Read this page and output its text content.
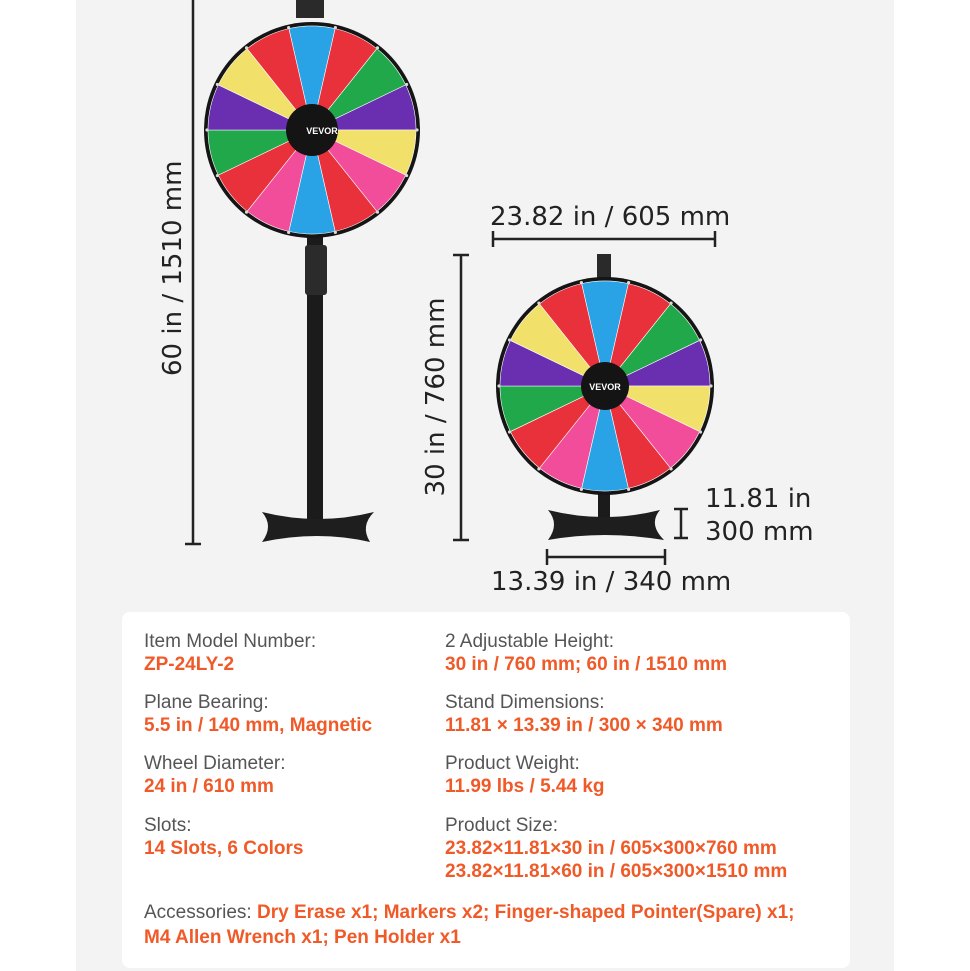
VEVOR
VEVOR
60 in / 1510 mm	23.82 in / 605 mm
30 in / 760 mm
11.81 in
300 mm
13.39 in / 340 mm
Item Model Number:
ZP-24LY-2
2 Adjustable Height:
30 in / 760 mm; 60 in / 1510 mm
Plane Bearing:
5.5 in / 140 mm, Magnetic
Stand Dimensions:
11.81 × 13.39 in / 300 × 340 mm
Wheel Diameter:
24 in / 610 mm
Product Weight:
11.99 lbs / 5.44 kg
Slots:
14 Slots, 6 Colors
Product Size:
23.82×11.81×30 in / 605×300×760 mm
23.82×11.81×60 in / 605×300×1510 mm
Accessories: Dry Erase x1; Markers x2; Finger-shaped Pointer(Spare) x1;
M4 Allen Wrench x1; Pen Holder x1
